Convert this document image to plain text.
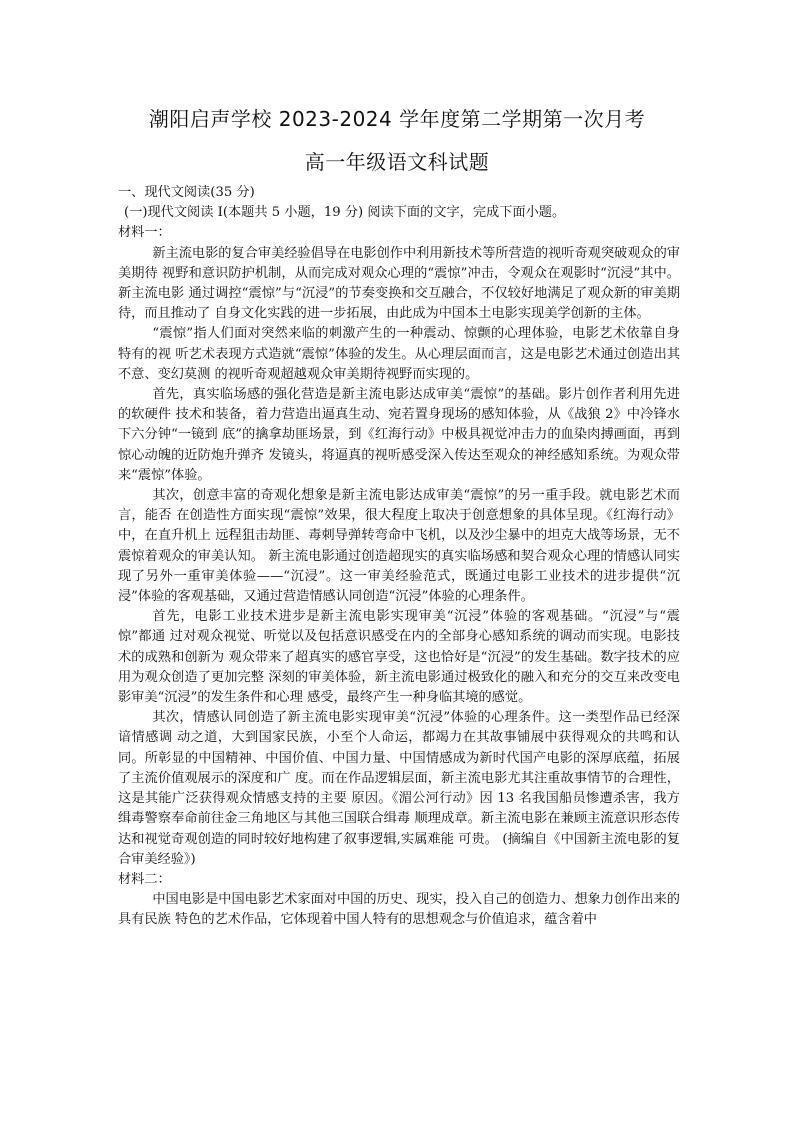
潮阳启声学校 2023-2024 学年度第二学期第一次月考
高一年级语文科试题

一、现代文阅读(35 分)

(一)现代文阅读 I(本题共 5 小题，19 分) 阅读下面的文字，完成下面小题。

材料一：

新主流电影的复合审美经验倡导在电影创作中利用新技术等所营造的视听奇观突破观众的审美期待 视野和意识防护机制，从而完成对观众心理的“震惊”冲击，令观众在观影时“沉浸”其中。新主流电影 通过调控“震惊”与“沉浸”的节奏变换和交互融合，不仅较好地满足了观众新的审美期待，而且推动了 自身文化实践的进一步拓展，由此成为中国本土电影实现美学创新的主体。

“震惊”指人们面对突然来临的刺激产生的一种震动、惊颤的心理体验，电影艺术依靠自身特有的视 听艺术表现方式造就“震惊”体验的发生。从心理层面而言，这是电影艺术通过创造出其不意、变幻莫测 的视听奇观超越观众审美期待视野而实现的。

首先，真实临场感的强化营造是新主流电影达成审美“震惊”的基础。影片创作者利用先进的软硬件 技术和装备，着力营造出逼真生动、宛若置身现场的感知体验，从《战狼 2》中冷锋水下六分钟“一镜到 底”的擒拿劫匪场景，到《红海行动》中极具视觉冲击力的血染肉搏画面，再到惊心动魄的近防炮升弹齐 发镜头，将逼真的视听感受深入传达至观众的神经感知系统。为观众带来“震惊”体验。

其次，创意丰富的奇观化想象是新主流电影达成审美“震惊”的另一重手段。就电影艺术而言，能否 在创造性方面实现“震惊”效果，很大程度上取决于创意想象的具体呈现。《红海行动》中，在直升机上 远程狙击劫匪、毒刺导弹转弯命中飞机，以及沙尘暴中的坦克大战等场景，无不震惊着观众的审美认知。 新主流电影通过创造超现实的真实临场感和契合观众心理的情感认同实现了另外一重审美体验——“沉浸”。这一审美经验范式，既通过电影工业技术的进步提供“沉浸”体验的客观基础，又通过营造情感认同创造“沉浸”体验的心理条件。

首先，电影工业技术进步是新主流电影实现审美“沉浸”体验的客观基础。“沉浸”与“震惊”都通 过对观众视觉、听觉以及包括意识感受在内的全部身心感知系统的调动而实现。电影技术的成熟和创新为 观众带来了超真实的感官享受，这也恰好是“沉浸”的发生基础。数字技术的应用为观众创造了更加完整 深刻的审美体验，新主流电影通过极致化的融入和充分的交互来改变电影审美“沉浸”的发生条件和心理 感受，最终产生一种身临其境的感觉。

其次，情感认同创造了新主流电影实现审美“沉浸”体验的心理条件。这一类型作品已经深谙情感调 动之道，大到国家民族，小至个人命运，都竭力在其故事铺展中获得观众的共鸣和认同。所彰显的中国精神、中国价值、中国力量、中国情感成为新时代国产电影的深厚底蕴，拓展了主流价值观展示的深度和广 度。而在作品逻辑层面，新主流电影尤其注重故事情节的合理性，这是其能广泛获得观众情感支持的主要 原因。《湄公河行动》因 13 名我国船员惨遭杀害，我方缉毒警察奉命前往金三角地区与其他三国联合缉毒 顺理成章。新主流电影在兼顾主流意识形态传达和视觉奇观创造的同时较好地构建了叙事逻辑,实属难能 可贵。 (摘编自《中国新主流电影的复合审美经验》)

材料二：

中国电影是中国电影艺术家面对中国的历史、现实，投入自己的创造力、想象力创作出来的具有民族 特色的艺术作品，它体现着中国人特有的思想观念与价值追求，蕴含着中
